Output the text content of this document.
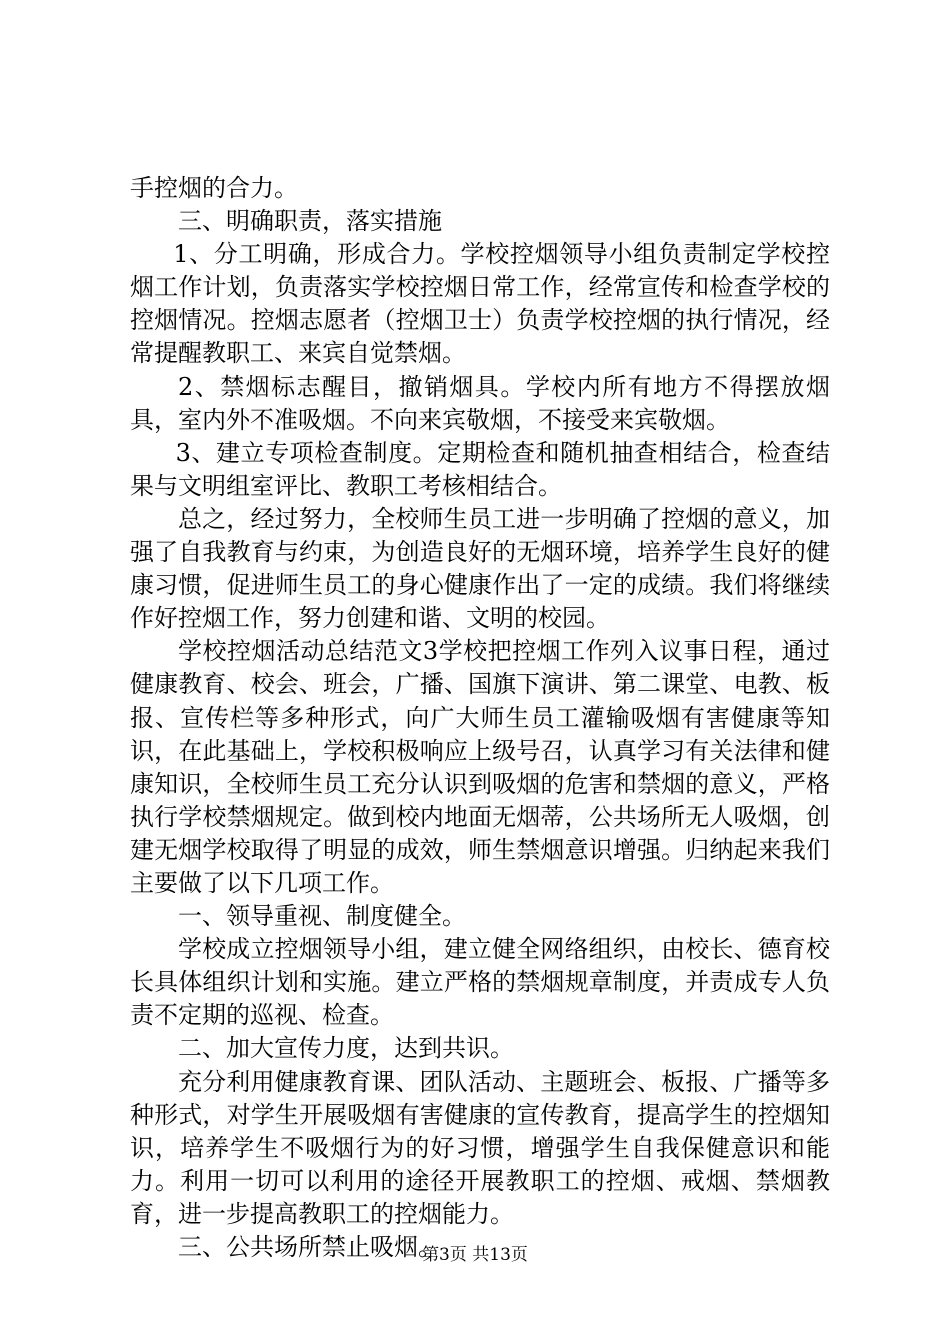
手控烟的合力。

三、明确职责，落实措施

1、分工明确，形成合力。学校控烟领导小组负责制定学校控烟工作计划，负责落实学校控烟日常工作，经常宣传和检查学校的控烟情况。控烟志愿者（控烟卫士）负责学校控烟的执行情况，经常提醒教职工、来宾自觉禁烟。

2、禁烟标志醒目，撤销烟具。学校内所有地方不得摆放烟具，室内外不准吸烟。不向来宾敬烟，不接受来宾敬烟。

3、建立专项检查制度。定期检查和随机抽查相结合，检查结果与文明组室评比、教职工考核相结合。

总之，经过努力，全校师生员工进一步明确了控烟的意义，加强了自我教育与约束，为创造良好的无烟环境，培养学生良好的健康习惯，促进师生员工的身心健康作出了一定的成绩。我们将继续作好控烟工作，努力创建和谐、文明的校园。

学校控烟活动总结范文3学校把控烟工作列入议事日程，通过健康教育、校会、班会，广播、国旗下演讲、第二课堂、电教、板报、宣传栏等多种形式，向广大师生员工灌输吸烟有害健康等知识，在此基础上，学校积极响应上级号召，认真学习有关法律和健康知识，全校师生员工充分认识到吸烟的危害和禁烟的意义，严格执行学校禁烟规定。做到校内地面无烟蒂，公共场所无人吸烟，创建无烟学校取得了明显的成效，师生禁烟意识增强。归纳起来我们主要做了以下几项工作。

一、领导重视、制度健全。

学校成立控烟领导小组，建立健全网络组织，由校长、德育校长具体组织计划和实施。建立严格的禁烟规章制度，并责成专人负责不定期的巡视、检查。

二、加大宣传力度，达到共识。

充分利用健康教育课、团队活动、主题班会、板报、广播等多种形式，对学生开展吸烟有害健康的宣传教育，提高学生的控烟知识，培养学生不吸烟行为的好习惯，增强学生自我保健意识和能力。利用一切可以利用的途径开展教职工的控烟、戒烟、禁烟教育，进一步提高教职工的控烟能力。

三、公共场所禁止吸烟。

第3页 共13页
